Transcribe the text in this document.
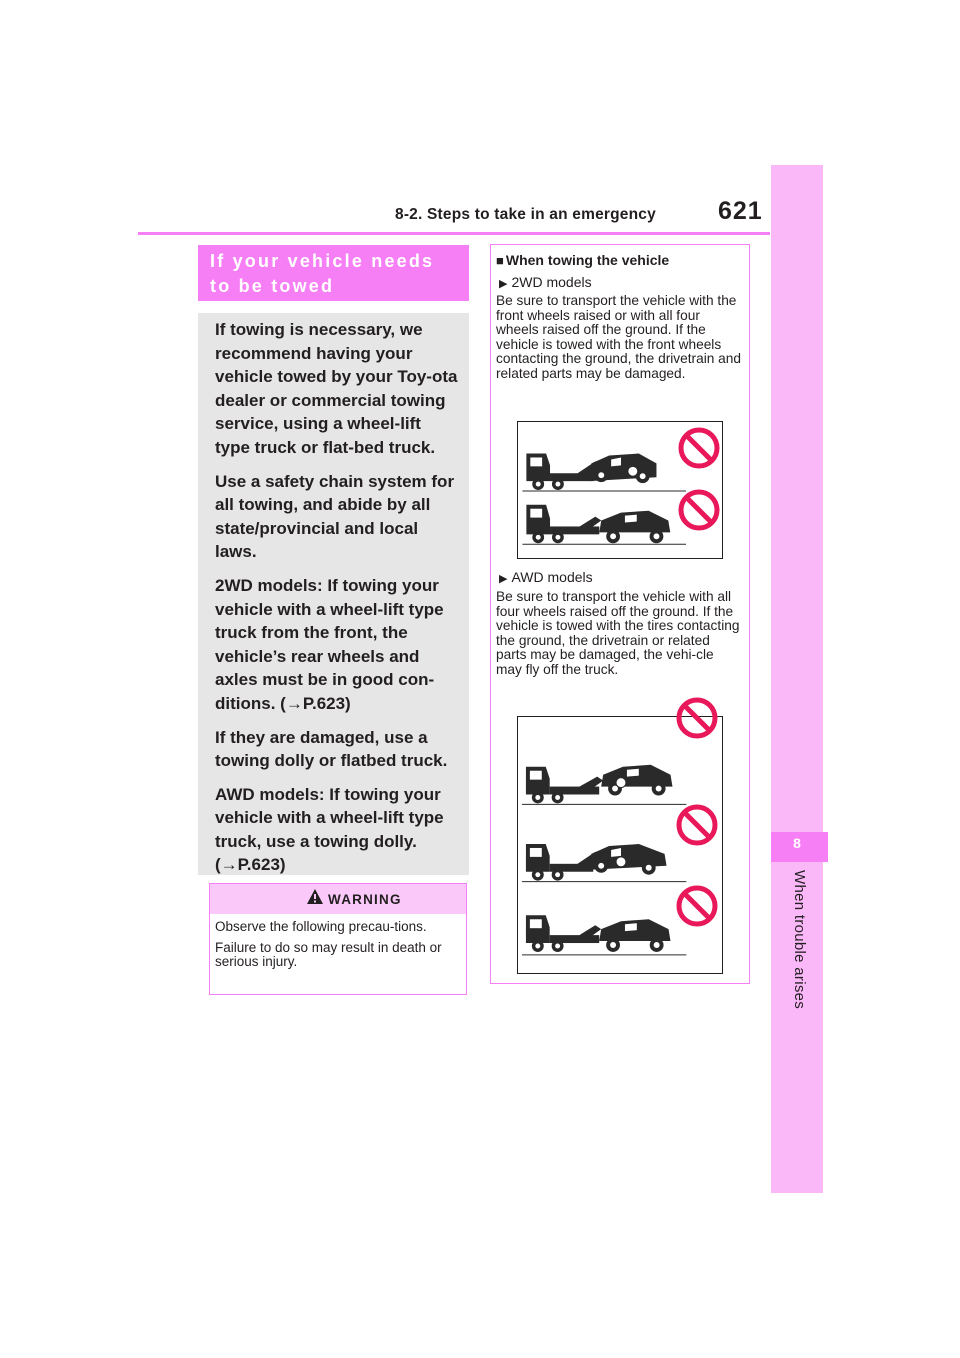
8-2. Steps to take in an emergency 621
8
When trouble arises
If your vehicle needs
to be towed

If towing is necessary, we recommend having your vehicle towed by your Toy-ota dealer or commercial towing service, using a wheel-lift type truck or flat-bed truck.

Use a safety chain system for all towing, and abide by all state/provincial and local laws.

2WD models: If towing your vehicle with a wheel-lift type truck from the front, the vehicle’s rear wheels and axles must be in good con-ditions. (→P.623)

If they are damaged, use a towing dolly or flatbed truck.

AWD models: If towing your vehicle with a wheel-lift type truck, use a towing dolly. (→P.623)

WARNING

Observe the following precau-tions.

Failure to do so may result in death or serious injury.

■ When towing the vehicle
▶ 2WD models
Be sure to transport the vehicle with the front wheels raised or with all four wheels raised off the ground. If the vehicle is towed with the front wheels contacting the ground, the drivetrain and related parts may be damaged.
▶ AWD models
Be sure to transport the vehicle with all four wheels raised off the ground. If the vehicle is towed with the tires contacting the ground, the drivetrain or related parts may be damaged, the vehi-cle may fly off the truck.
